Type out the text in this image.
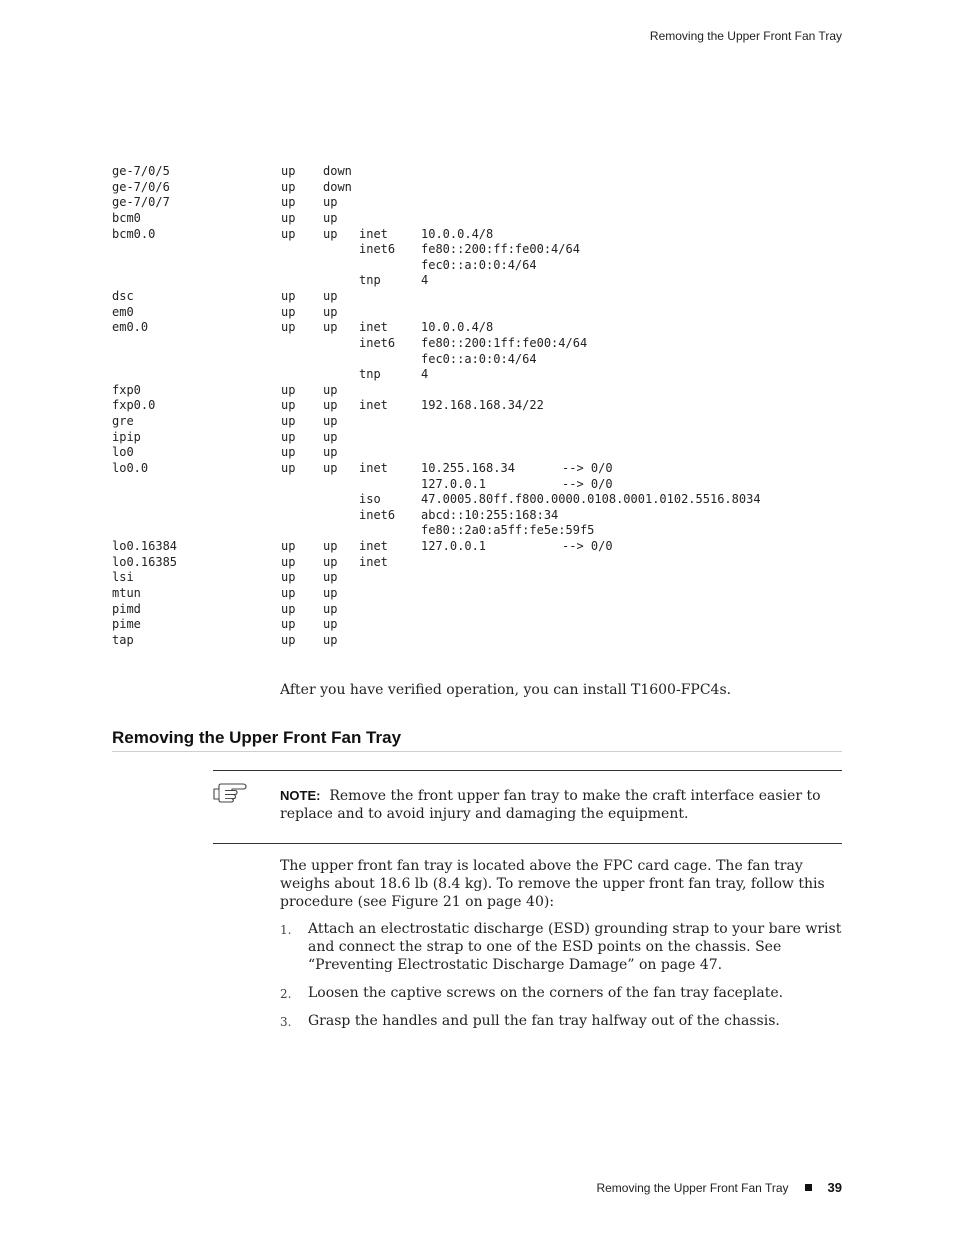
Removing the Upper Front Fan Tray
ge-7/0/5	up down
ge-7/0/6	up down
ge-7/0/7	up up
bcm0	up up
bcm0.0	up up inet	10.0.0.4/8
inet6 fe80::200:ff:fe00:4/64
fec0::a:0:0:4/64
tnp	4
dsc	up up
em0	up up
em0.0	up up inet	10.0.0.4/8
inet6 fe80::200:1ff:fe00:4/64
fec0::a:0:0:4/64
tnp	4
fxp0	up up
fxp0.0	up up inet	192.168.168.34/22
gre	up up
ipip	up up
lo0	up up
lo0.0	up up inet	10.255.168.34	--> 0/0
127.0.0.1	--> 0/0
iso	47.0005.80ff.f800.0000.0108.0001.0102.5516.8034
inet6 abcd::10:255:168:34
fe80::2a0:a5ff:fe5e:59f5
lo0.16384	up up inet	127.0.0.1	--> 0/0
lo0.16385	up up inet
lsi	up up
mtun	up up
pimd	up up
pime	up up
tap	up up
After you have verified operation, you can install T1600-FPC4s.
Removing the Upper Front Fan Tray
NOTE: Remove the front upper fan tray to make the craft interface easier to replace and to avoid injury and damaging the equipment.
The upper front fan tray is located above the FPC card cage. The fan tray weighs about 18.6 lb (8.4 kg). To remove the upper front fan tray, follow this procedure (see Figure 21 on page 40):
1. Attach an electrostatic discharge (ESD) grounding strap to your bare wrist and connect the strap to one of the ESD points on the chassis. See “Preventing Electrostatic Discharge Damage” on page 47.
2. Loosen the captive screws on the corners of the fan tray faceplate.
3. Grasp the handles and pull the fan tray halfway out of the chassis.
Removing the Upper Front Fan Tray	39
